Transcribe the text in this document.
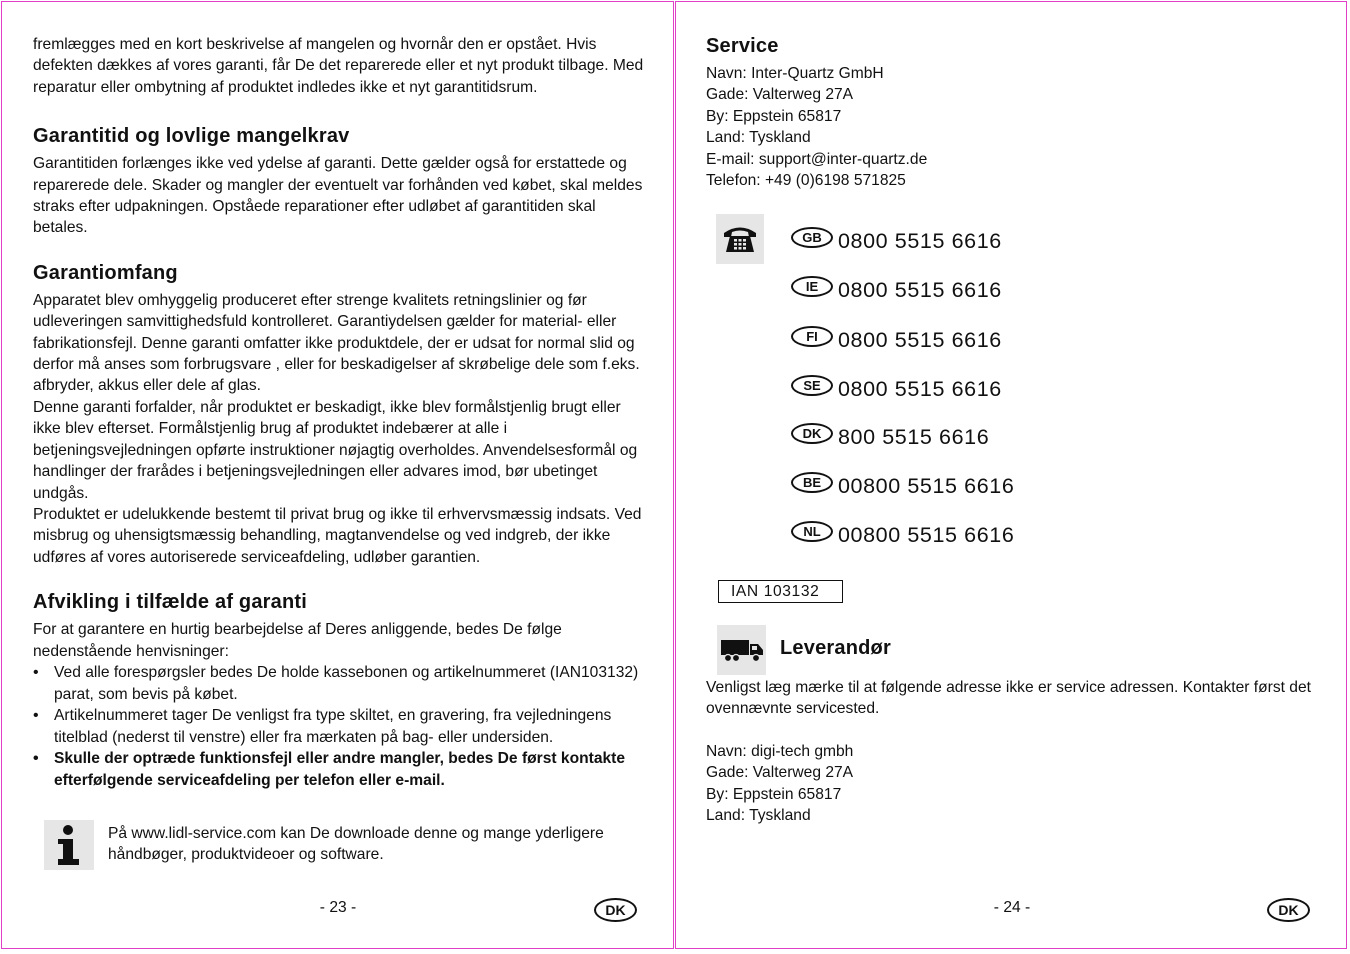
fremlægges med en kort beskrivelse af mangelen og hvornår den er opstået. Hvis defekten dækkes af vores garanti, får De det reparerede eller et nyt produkt tilbage. Med reparatur eller ombytning af produktet indledes ikke et nyt garantitidsrum.

Garantitid og lovlige mangelkrav

Garantitiden forlænges ikke ved ydelse af garanti. Dette gælder også for erstattede og reparerede dele. Skader og mangler der eventuelt var forhånden ved købet, skal meldes straks efter udpakningen. Opståede reparationer efter udløbet af garantitiden skal betales.

Garantiomfang

Apparatet blev omhyggelig produceret efter strenge kvalitets retningslinier og før udleveringen samvittighedsfuld kontrolleret. Garantiydelsen gælder for material- eller fabrikationsfejl. Denne garanti omfatter ikke produktdele, der er udsat for normal slid og derfor må anses som forbrugsvare , eller for beskadigelser af skrøbelige dele som f.eks. afbryder, akkus eller dele af glas.

Denne garanti forfalder, når produktet er beskadigt, ikke blev formålstjenlig brugt eller ikke blev efterset. Formålstjenlig brug af produktet indebærer at alle i betjeningsvejledningen opførte instruktioner nøjagtig overholdes. Anvendelsesformål og handlinger der frarådes i betjeningsvejledningen eller advares imod, bør ubetinget undgås.

Produktet er udelukkende bestemt til privat brug og ikke til erhvervsmæssig indsats. Ved misbrug og uhensigtsmæssig behandling, magtanvendelse og ved indgreb, der ikke udføres af vores autoriserede serviceafdeling, udløber garantien.

Afvikling i tilfælde af garanti

For at garantere en hurtig bearbejdelse af Deres anliggende, bedes De følge nedenstående henvisninger:

• Ved alle forespørgsler bedes De holde kassebonen og artikelnummeret (IAN103132) parat, som bevis på købet.
• Artikelnummeret tager De venligst fra type skiltet, en gravering, fra vejledningens titelblad (nederst til venstre) eller fra mærkaten på bag- eller undersiden.
• Skulle der optræde funktionsfejl eller andre mangler, bedes De først kontakte efterfølgende serviceafdeling per telefon eller e-mail.

På www.lidl-service.com kan De downloade denne og mange yderligere håndbøger, produktvideoer og software.

- 23 -	DK
Service

Navn: Inter-Quartz GmbH

Gade: Valterweg 27A

By: Eppstein 65817

Land: Tyskland

E-mail: support@inter-quartz.de

Telefon: +49 (0)6198 571825

GB 0800 5515 6616
IE 0800 5515 6616
FI 0800 5515 6616
SE 0800 5515 6616
DK 800 5515 6616
BE 00800 5515 6616
NL 00800 5515 6616
IAN 103132
Leverandør

Venligst læg mærke til at følgende adresse ikke er service adressen. Kontakter først det ovennævnte servicested.

Navn: digi-tech gmbh

Gade: Valterweg 27A

By: Eppstein 65817

Land: Tyskland

- 24 -	DK
